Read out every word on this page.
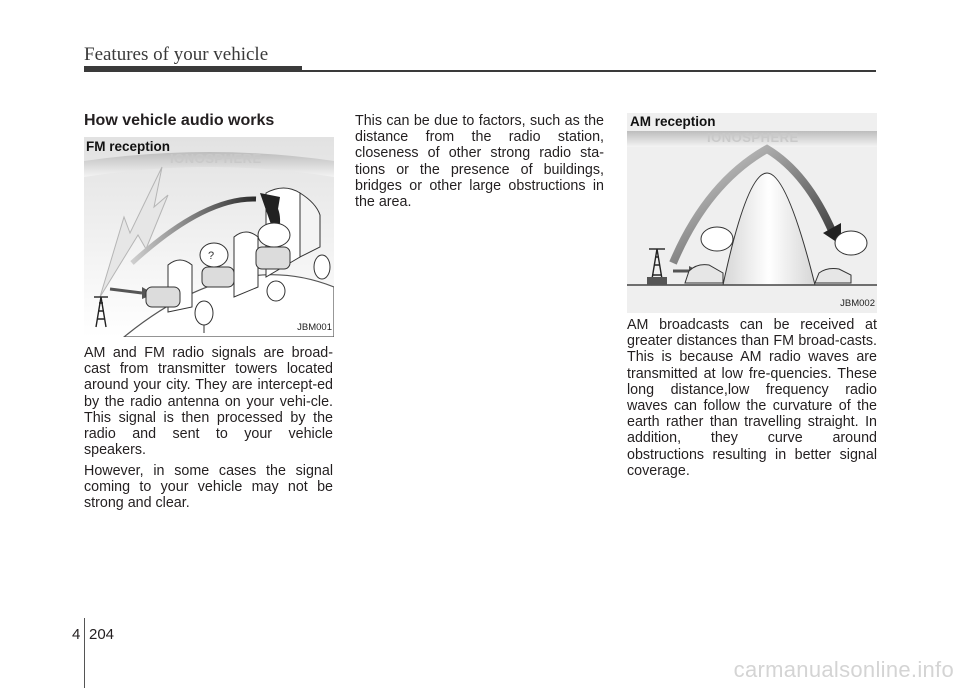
Features of your vehicle
How vehicle audio works
?
FM reception
IONOSPHERE
JBM001

AM and FM radio signals are broad-cast from transmitter towers located around your city. They are intercept-ed by the radio antenna on your vehi-cle. This signal is then processed by the radio and sent to your vehicle speakers.

However, in some cases the signal coming to your vehicle may not be strong and clear.

This can be due to factors, such as the distance from the radio station, closeness of other strong radio sta-tions or the presence of buildings, bridges or other large obstructions in the area.

AM reception
IONOSPHERE
JBM002

AM broadcasts can be received at greater distances than FM broad-casts. This is because AM radio waves are transmitted at low fre-quencies. These long distance,low frequency radio waves can follow the curvature of the earth rather than travelling straight. In addition, they curve around obstructions resulting in better signal coverage.

4 204
carmanualsonline.info
